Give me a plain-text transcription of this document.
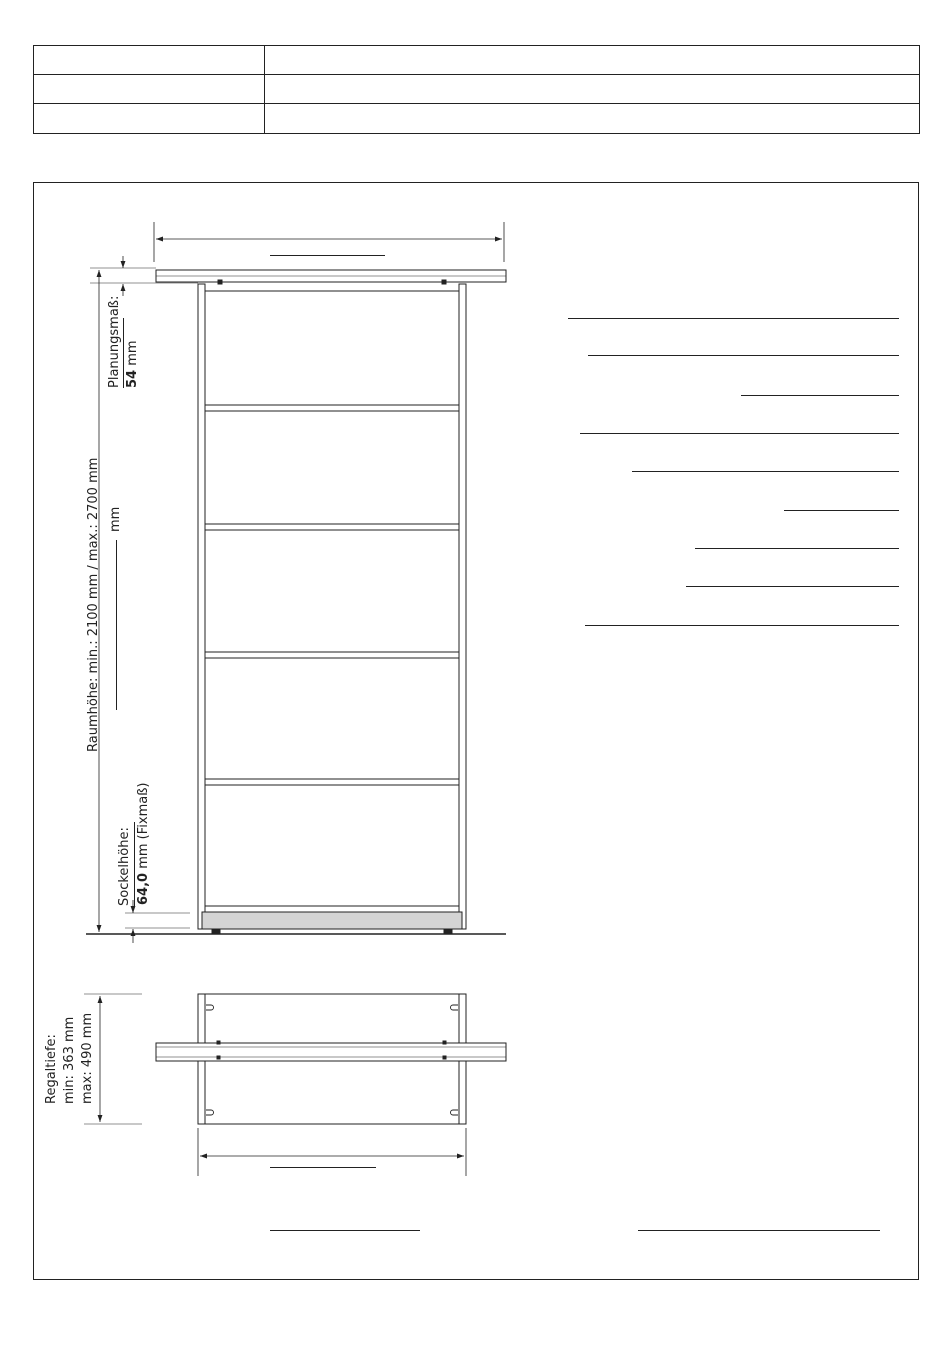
Raumhöhe: min.: 2100 mm / max.: 2700 mm mm
Planungsmaß: 54 mm
Sockelhöhe: 64,0 mm (Fixmaß)
Regaltiefe: min: 363 mm max: 490 mm
